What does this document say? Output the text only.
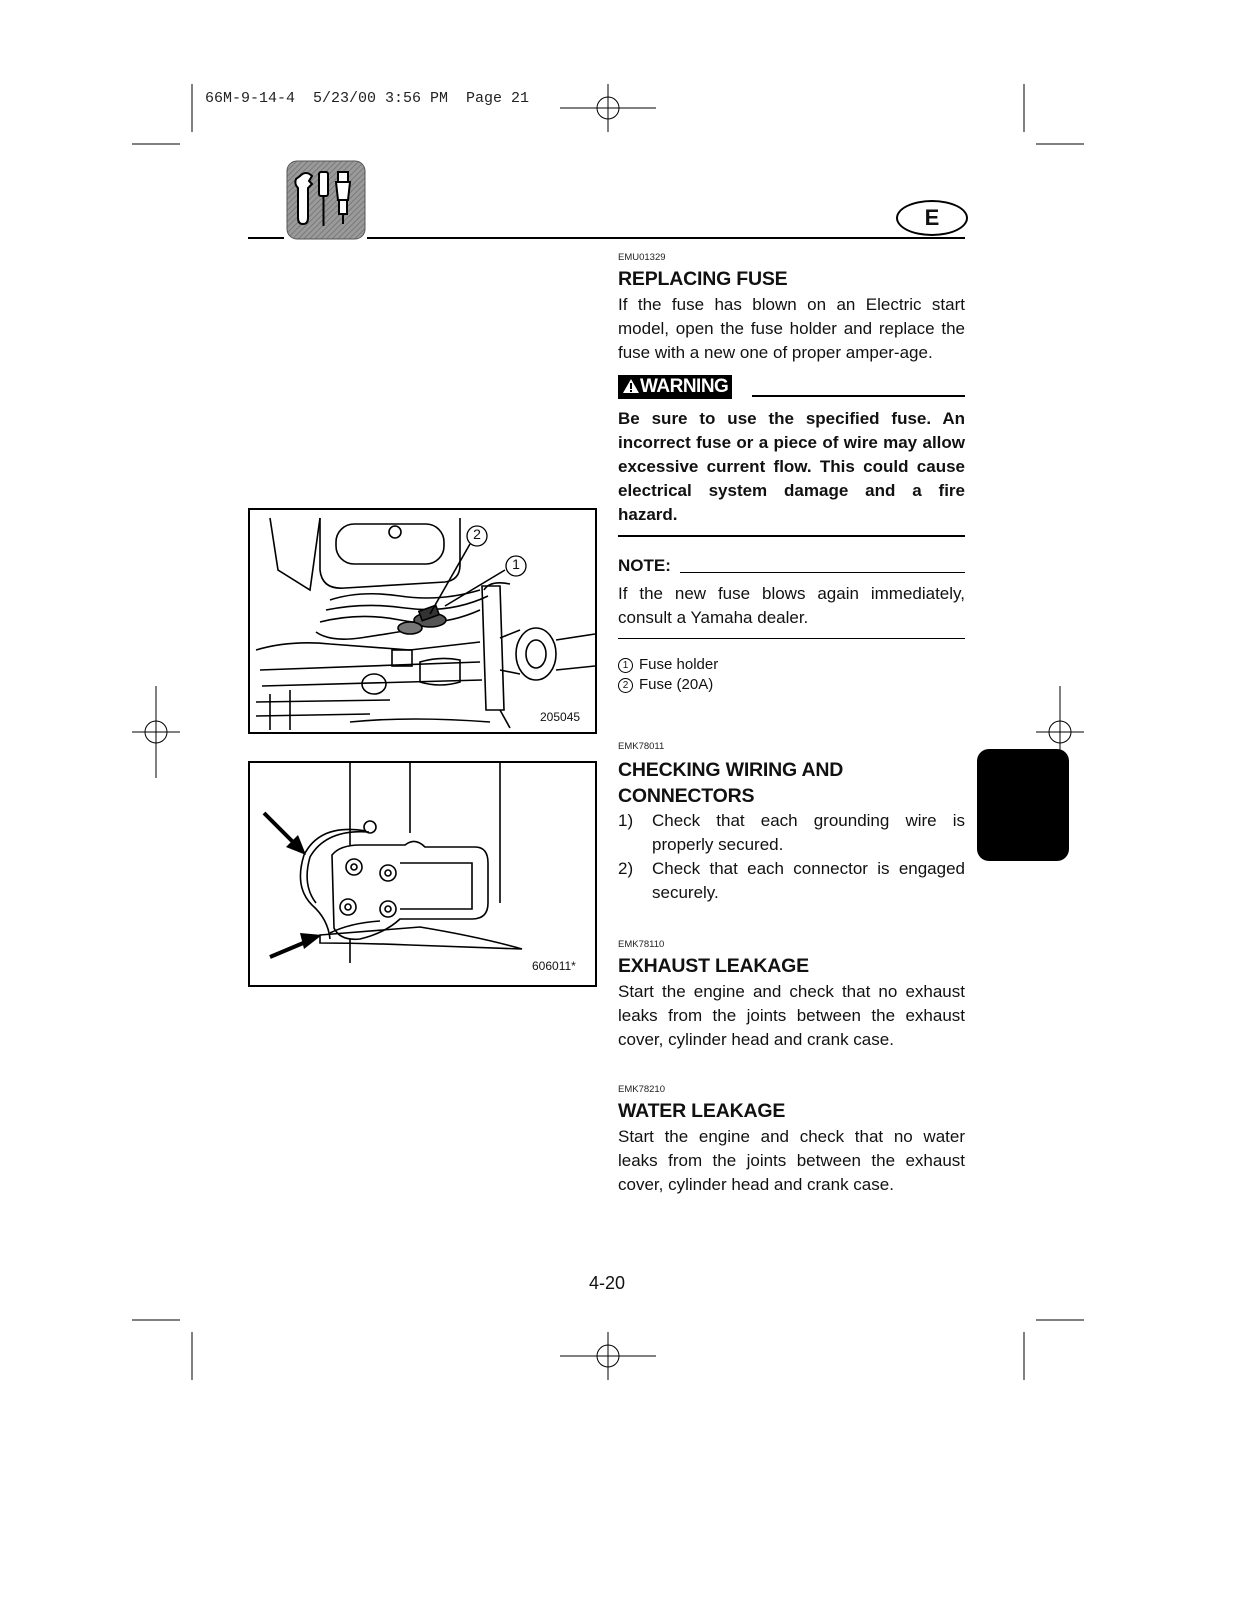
66M-9-14-4  5/23/00 3:56 PM  Page 21
E
EMU01329
REPLACING FUSE
If the fuse has blown on an Electric start model, open the fuse holder and replace the fuse with a new one of proper amper-age.
WARNING
Be sure to use the specified fuse. An incorrect fuse or a piece of wire may allow excessive current flow. This could cause electrical system damage and a fire hazard.
NOTE:
If the new fuse blows again immediately, consult a Yamaha dealer.
1 Fuse holder
2 Fuse (20A)
EMK78011
CHECKING WIRING AND
CONNECTORS
1) Check that each grounding wire is properly secured.
2) Check that each connector is engaged securely.
EMK78110
EXHAUST LEAKAGE
Start the engine and check that no exhaust leaks from the joints between the exhaust cover, cylinder head and crank case.
EMK78210
WATER LEAKAGE
Start the engine and check that no water leaks from the joints between the exhaust cover, cylinder head and crank case.
2
1
205045
606011*
4-20
